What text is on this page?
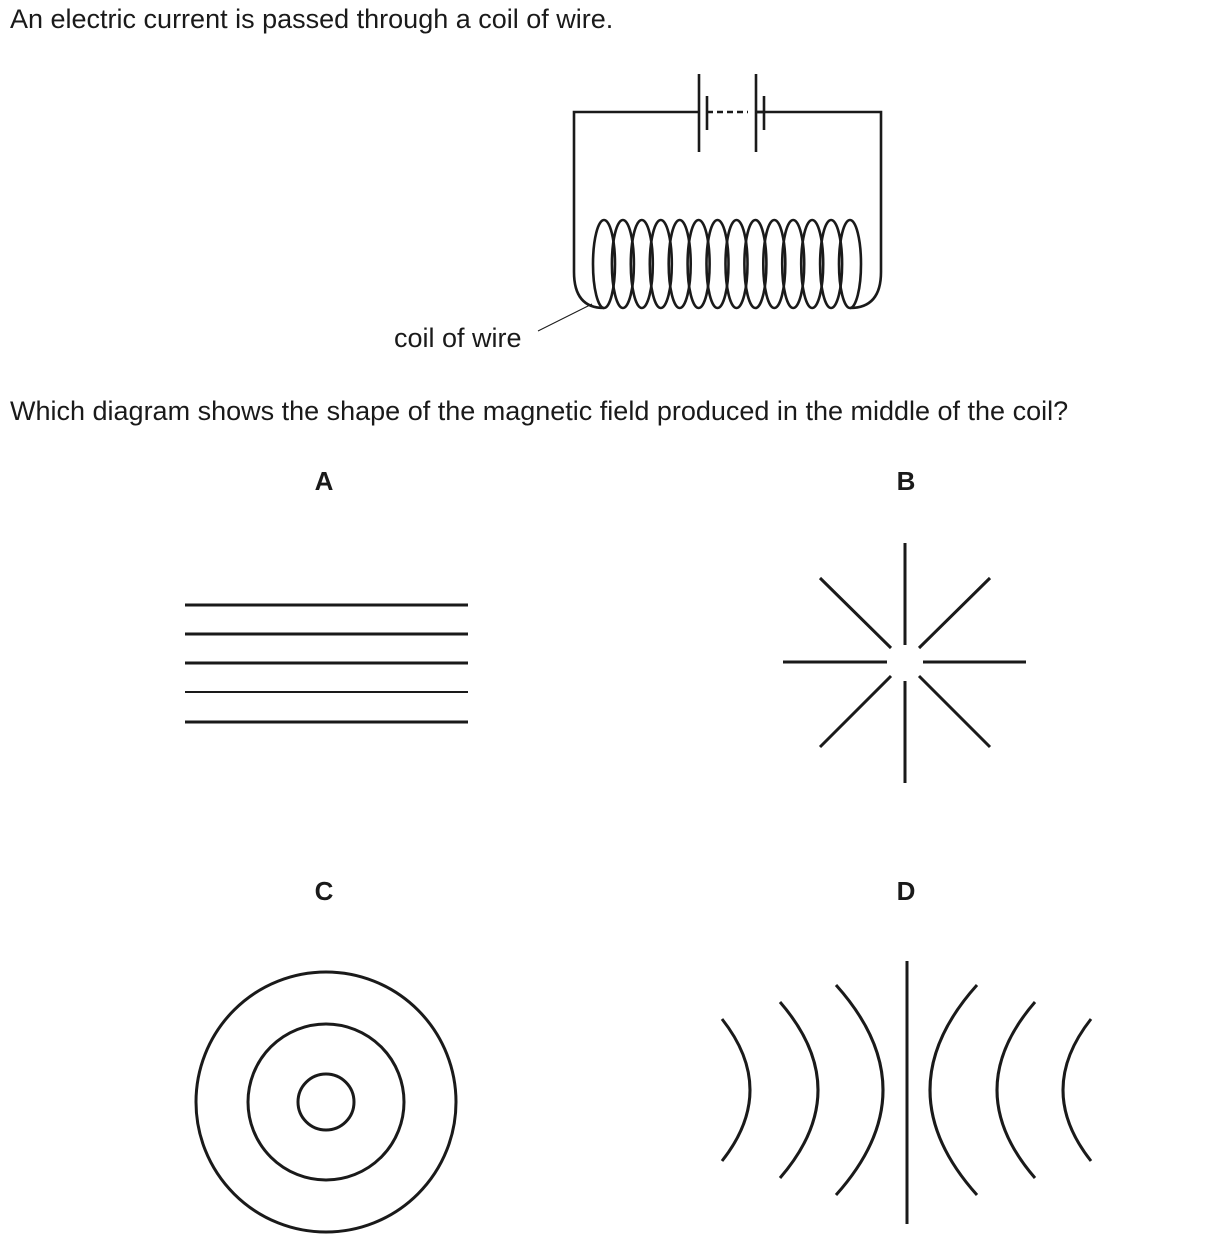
An electric current is passed through a coil of wire.
coil of wire
Which diagram shows the shape of the magnetic field produced in the middle of the coil?
A	B
C	D
